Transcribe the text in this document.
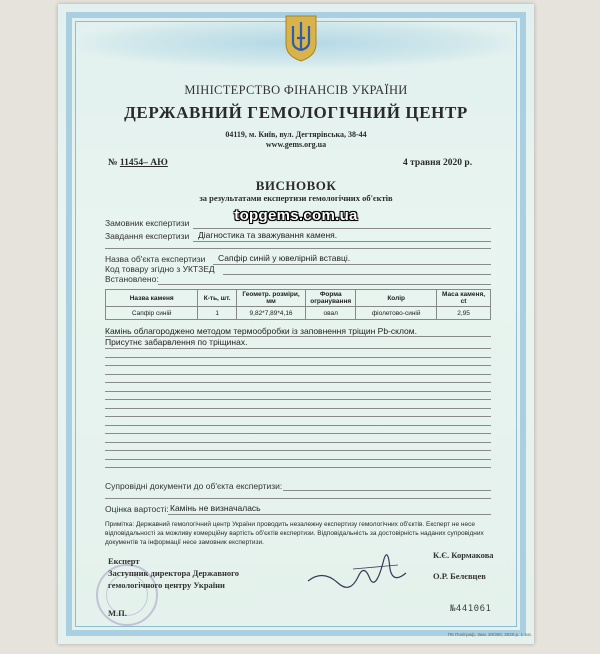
МІНІСТЕРСТВО ФІНАНСІВ УКРАЇНИ
ДЕРЖАВНИЙ ГЕМОЛОГІЧНИЙ ЦЕНТР
04119, м. Київ, вул. Дегтярівська, 38-44
www.gems.org.ua
№ 11454– АЮ	4 травня 2020 р.
ВИСНОВОК
за результатами експертизи гемологічних об'єктів
topgems.com.ua
Замовник експертизи
Завдання експертизи Діагностика та зважування каменя.
Назва об'єкта експертизи Сапфір синій у ювелірній вставці.
Код товару згідно з УКТЗЕД
Встановлено:
Назва каменя	К-ть, шт.	Геометр. розміри, мм	Форма огранування	Колір	Маса каменя, ct
Сапфір синій	1	9,82*7,89*4,16	овал	фіолетово-синій	2,95
Камінь облагороджено методом термообробки із заповнення тріщин Pb-склом.
Присутнє забарвлення по тріщинах.
Супровідні документи до об'єкта експертизи:
Оцінка вартості: Камінь не визначалась
Примітка: Державний гемологічний центр України проводить незалежну експертизу гемологічних об'єктів. Експерт не несе відповідальності за можливу комерційну вартість об'єктів експертизи. Відповідальність за достовірність наданих супровідних документів та інформації несе замовник експертизи.
Експерт
К.Є. Кормакова
Заступник директора Державного
гемологічного центру України
О.Р. Белєвцев
М.П.	№441061
ПК Поліграф, Зам. 30/300, 2020 р. 1 тис.
